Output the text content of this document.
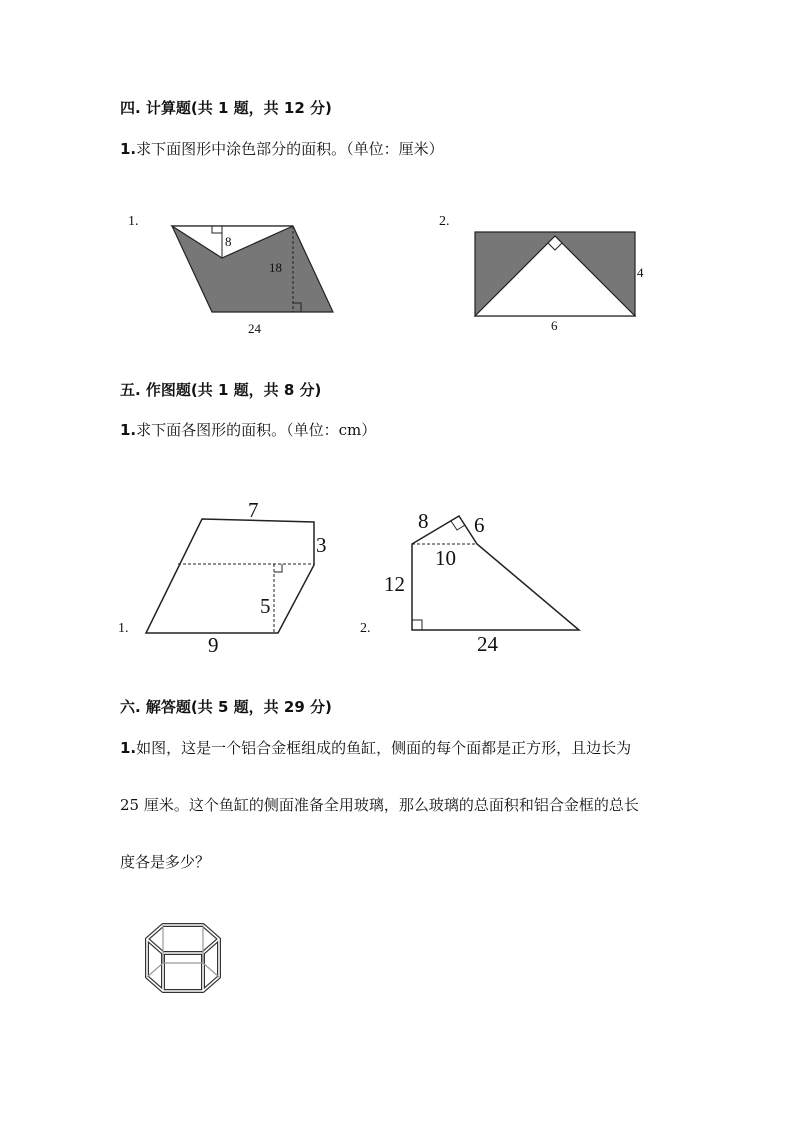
四. 计算题(共 1 题，共 12 分)
1.求下面图形中涂色部分的面积。（单位：厘米）
1.
8
18
24
2.
4
6
五. 作图题(共 1 题，共 8 分)
1.求下面各图形的面积。（单位：cm）
1.
7
3
5
9
2.
8 6
10
12
24
六. 解答题(共 5 题，共 29 分)
1.如图，这是一个铝合金框组成的鱼缸，侧面的每个面都是正方形，且边长为
25 厘米。这个鱼缸的侧面准备全用玻璃，那么玻璃的总面积和铝合金框的总长
度各是多少？
